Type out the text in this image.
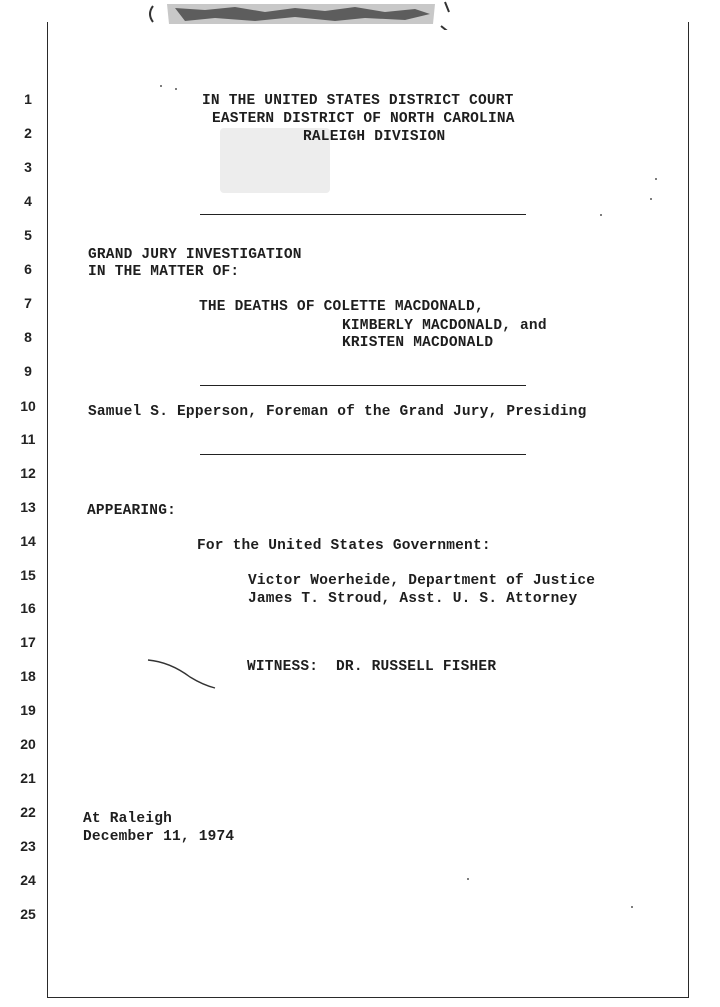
1
2
3
4
5
6
7
8
9
10
11
12
13
14
15
16
17
18
19
20
21
22
23
24
25
IN THE UNITED STATES DISTRICT COURT
EASTERN DISTRICT OF NORTH CAROLINA
RALEIGH DIVISION
GRAND JURY INVESTIGATION
IN THE MATTER OF:
THE DEATHS OF COLETTE MACDONALD,
KIMBERLY MACDONALD, and
KRISTEN MACDONALD
Samuel S. Epperson, Foreman of the Grand Jury, Presiding
APPEARING:
For the United States Government:
Victor Woerheide, Department of Justice
James T. Stroud, Asst. U. S. Attorney
WITNESS:  DR. RUSSELL FISHER
At Raleigh
December 11, 1974
